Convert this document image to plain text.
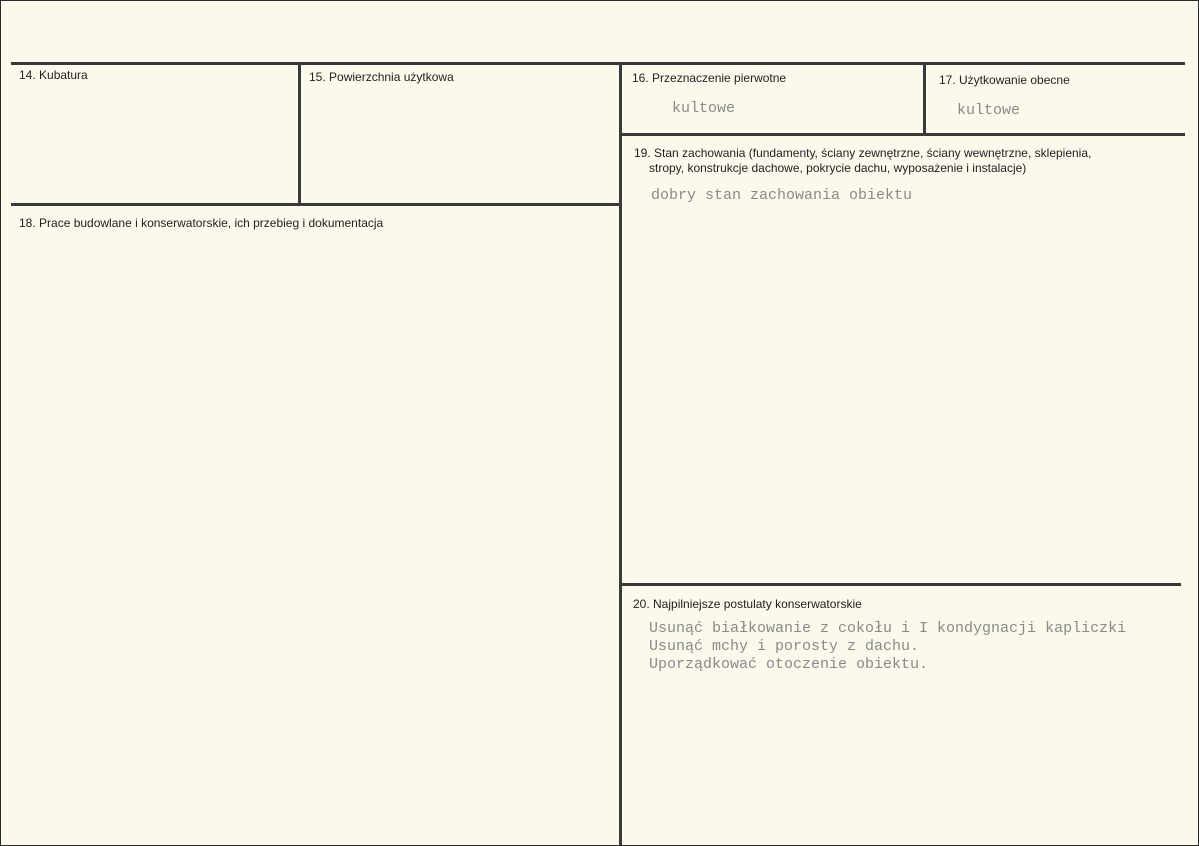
14. Kubatura	15. Powierzchnia użytkowa	16. Przeznaczenie pierwotne
kultowe
17. Użytkowanie obecne
kultowe
19. Stan zachowania (fundamenty, ściany zewnętrzne, ściany wewnętrzne, sklepienia,
stropy, konstrukcje dachowe, pokrycie dachu, wyposażenie i instalacje)
dobry stan zachowania obiektu
18. Prace budowlane i konserwatorskie, ich przebieg i dokumentacja
20. Najpilniejsze postulaty konserwatorskie
Usunąć białkowanie z cokołu i I kondygnacji kapliczki
Usunąć mchy i porosty z dachu.
Uporządkować otoczenie obiektu.
